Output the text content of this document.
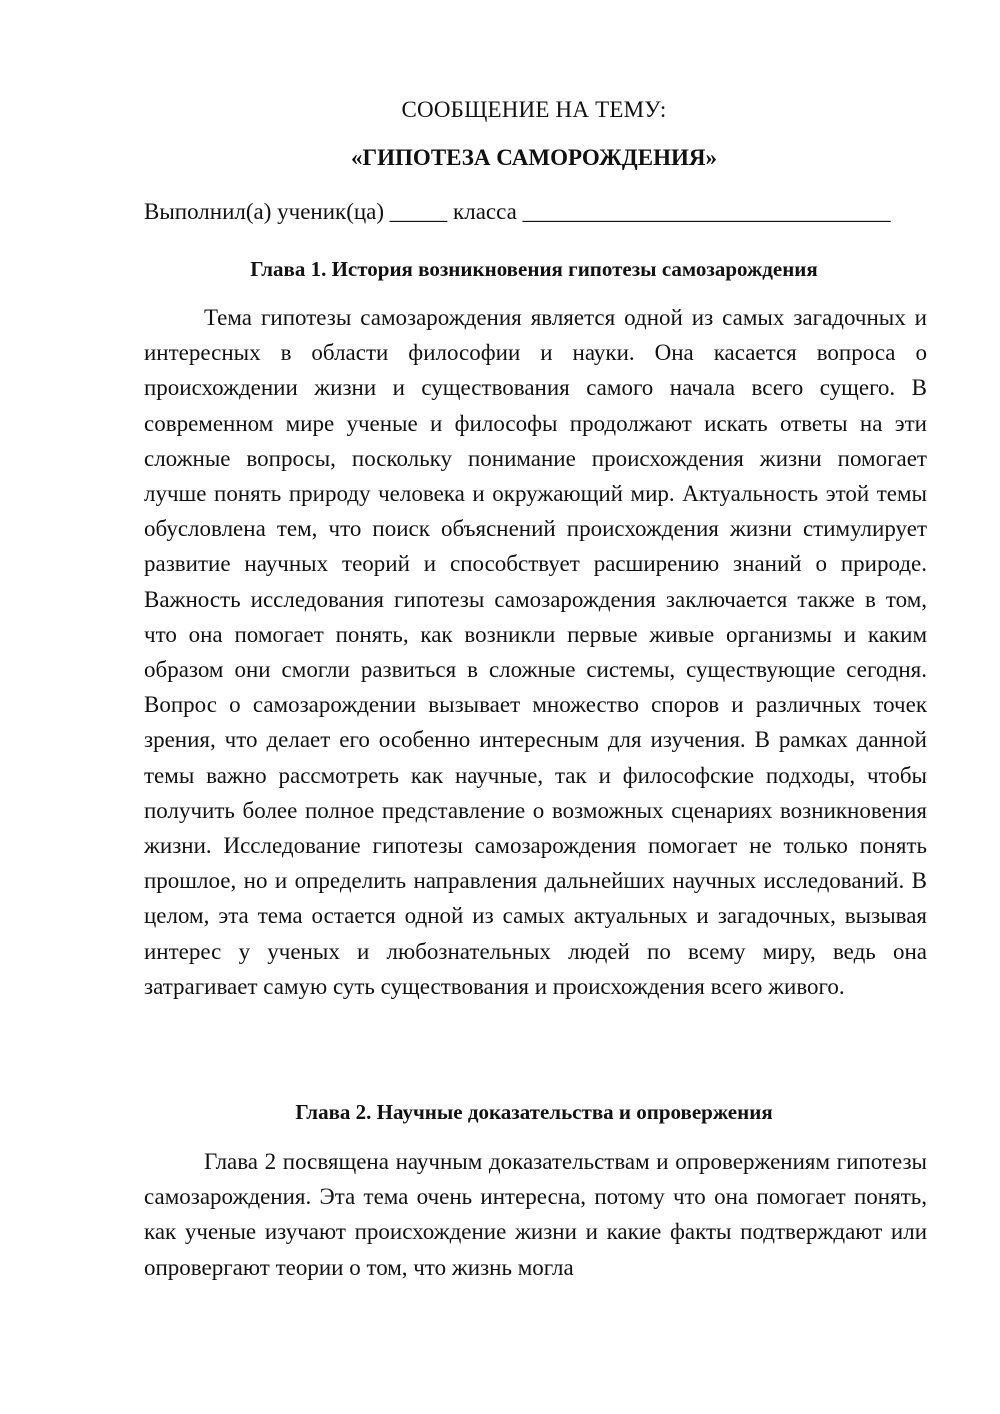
СООБЩЕНИЕ НА ТЕМУ:
«ГИПОТЕЗА САМОРОЖДЕНИЯ»
Выполнил(а) ученик(ца) _____ класса ________________________________
Глава 1. История возникновения гипотезы самозарождения

Тема гипотезы самозарождения является одной из самых загадочных и интересных в области философии и науки. Она касается вопроса о происхождении жизни и существования самого начала всего сущего. В современном мире ученые и философы продолжают искать ответы на эти сложные вопросы, поскольку понимание происхождения жизни помогает лучше понять природу человека и окружающий мир. Актуальность этой темы обусловлена тем, что поиск объяснений происхождения жизни стимулирует развитие научных теорий и способствует расширению знаний о природе. Важность исследования гипотезы самозарождения заключается также в том, что она помогает понять, как возникли первые живые организмы и каким образом они смогли развиться в сложные системы, существующие сегодня. Вопрос о самозарождении вызывает множество споров и различных точек зрения, что делает его особенно интересным для изучения. В рамках данной темы важно рассмотреть как научные, так и философские подходы, чтобы получить более полное представление о возможных сценариях возникновения жизни. Исследование гипотезы самозарождения помогает не только понять прошлое, но и определить направления дальнейших научных исследований. В целом, эта тема остается одной из самых актуальных и загадочных, вызывая интерес у ученых и любознательных людей по всему миру, ведь она затрагивает самую суть существования и происхождения всего живого.

Глава 2. Научные доказательства и опровержения

Глава 2 посвящена научным доказательствам и опровержениям гипотезы самозарождения. Эта тема очень интересна, потому что она помогает понять, как ученые изучают происхождение жизни и какие факты подтверждают или опровергают теории о том, что жизнь могла
